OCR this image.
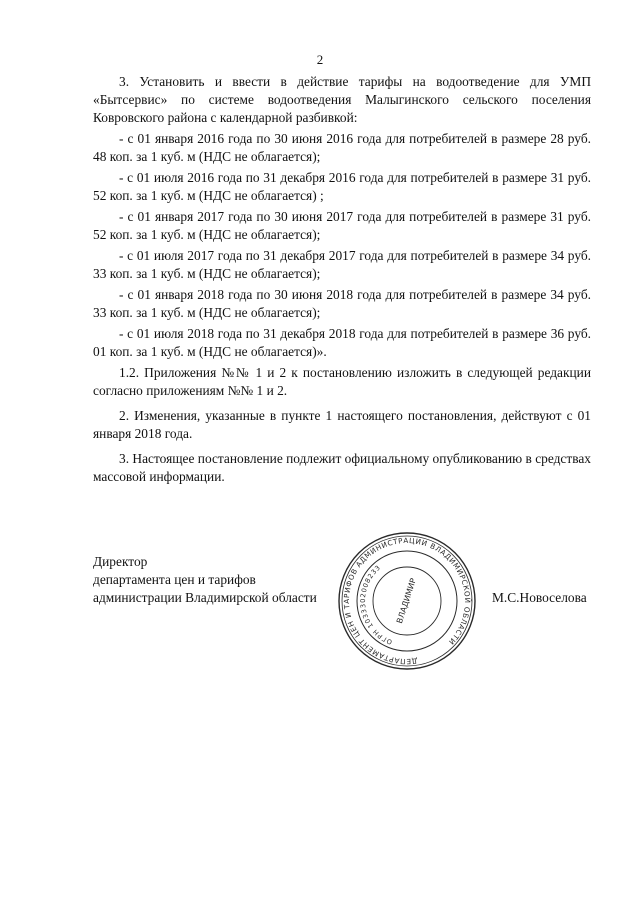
2

3. Установить и ввести в действие тарифы на водоотведение для УМП «Бытсервис» по системе водоотведения Малыгинского сельского поселения Ковровского района с календарной разбивкой:

- с 01 января 2016 года по 30 июня 2016 года для потребителей в размере 28 руб. 48 коп. за 1 куб. м (НДС не облагается);

- с 01 июля 2016 года по 31 декабря 2016 года для потребителей в размере 31 руб. 52 коп. за 1 куб. м (НДС не облагается) ;

- с 01 января 2017 года по 30 июня 2017 года для потребителей в размере 31 руб. 52 коп. за 1 куб. м (НДС не облагается);

- с 01 июля 2017 года по 31 декабря 2017 года для потребителей в размере 34 руб. 33 коп. за 1 куб. м (НДС не облагается);

- с 01 января 2018 года по 30 июня 2018 года для потребителей в размере 34 руб. 33 коп. за 1 куб. м (НДС не облагается);

- с 01 июля 2018 года по 31 декабря 2018 года для потребителей в размере 36 руб. 01 коп. за 1 куб. м (НДС не облагается)».

1.2. Приложения №№ 1 и 2 к постановлению изложить в следующей редакции согласно приложениям №№ 1 и 2.

2. Изменения, указанные в пункте 1 настоящего постановления, действуют с 01 января 2018 года.

3. Настоящее постановление подлежит официальному опубликованию в средствах массовой информации.

Директор
департамента цен и тарифов
администрации Владимирской области	М.С.Новоселова
ДЕПАРТАМЕНТ ЦЕН И ТАРИФОВ АДМИНИСТРАЦИИ ВЛАДИМИРСКОЙ ОБЛАСТИ
ОГРН 1033302008233
ВЛАДИМИР
